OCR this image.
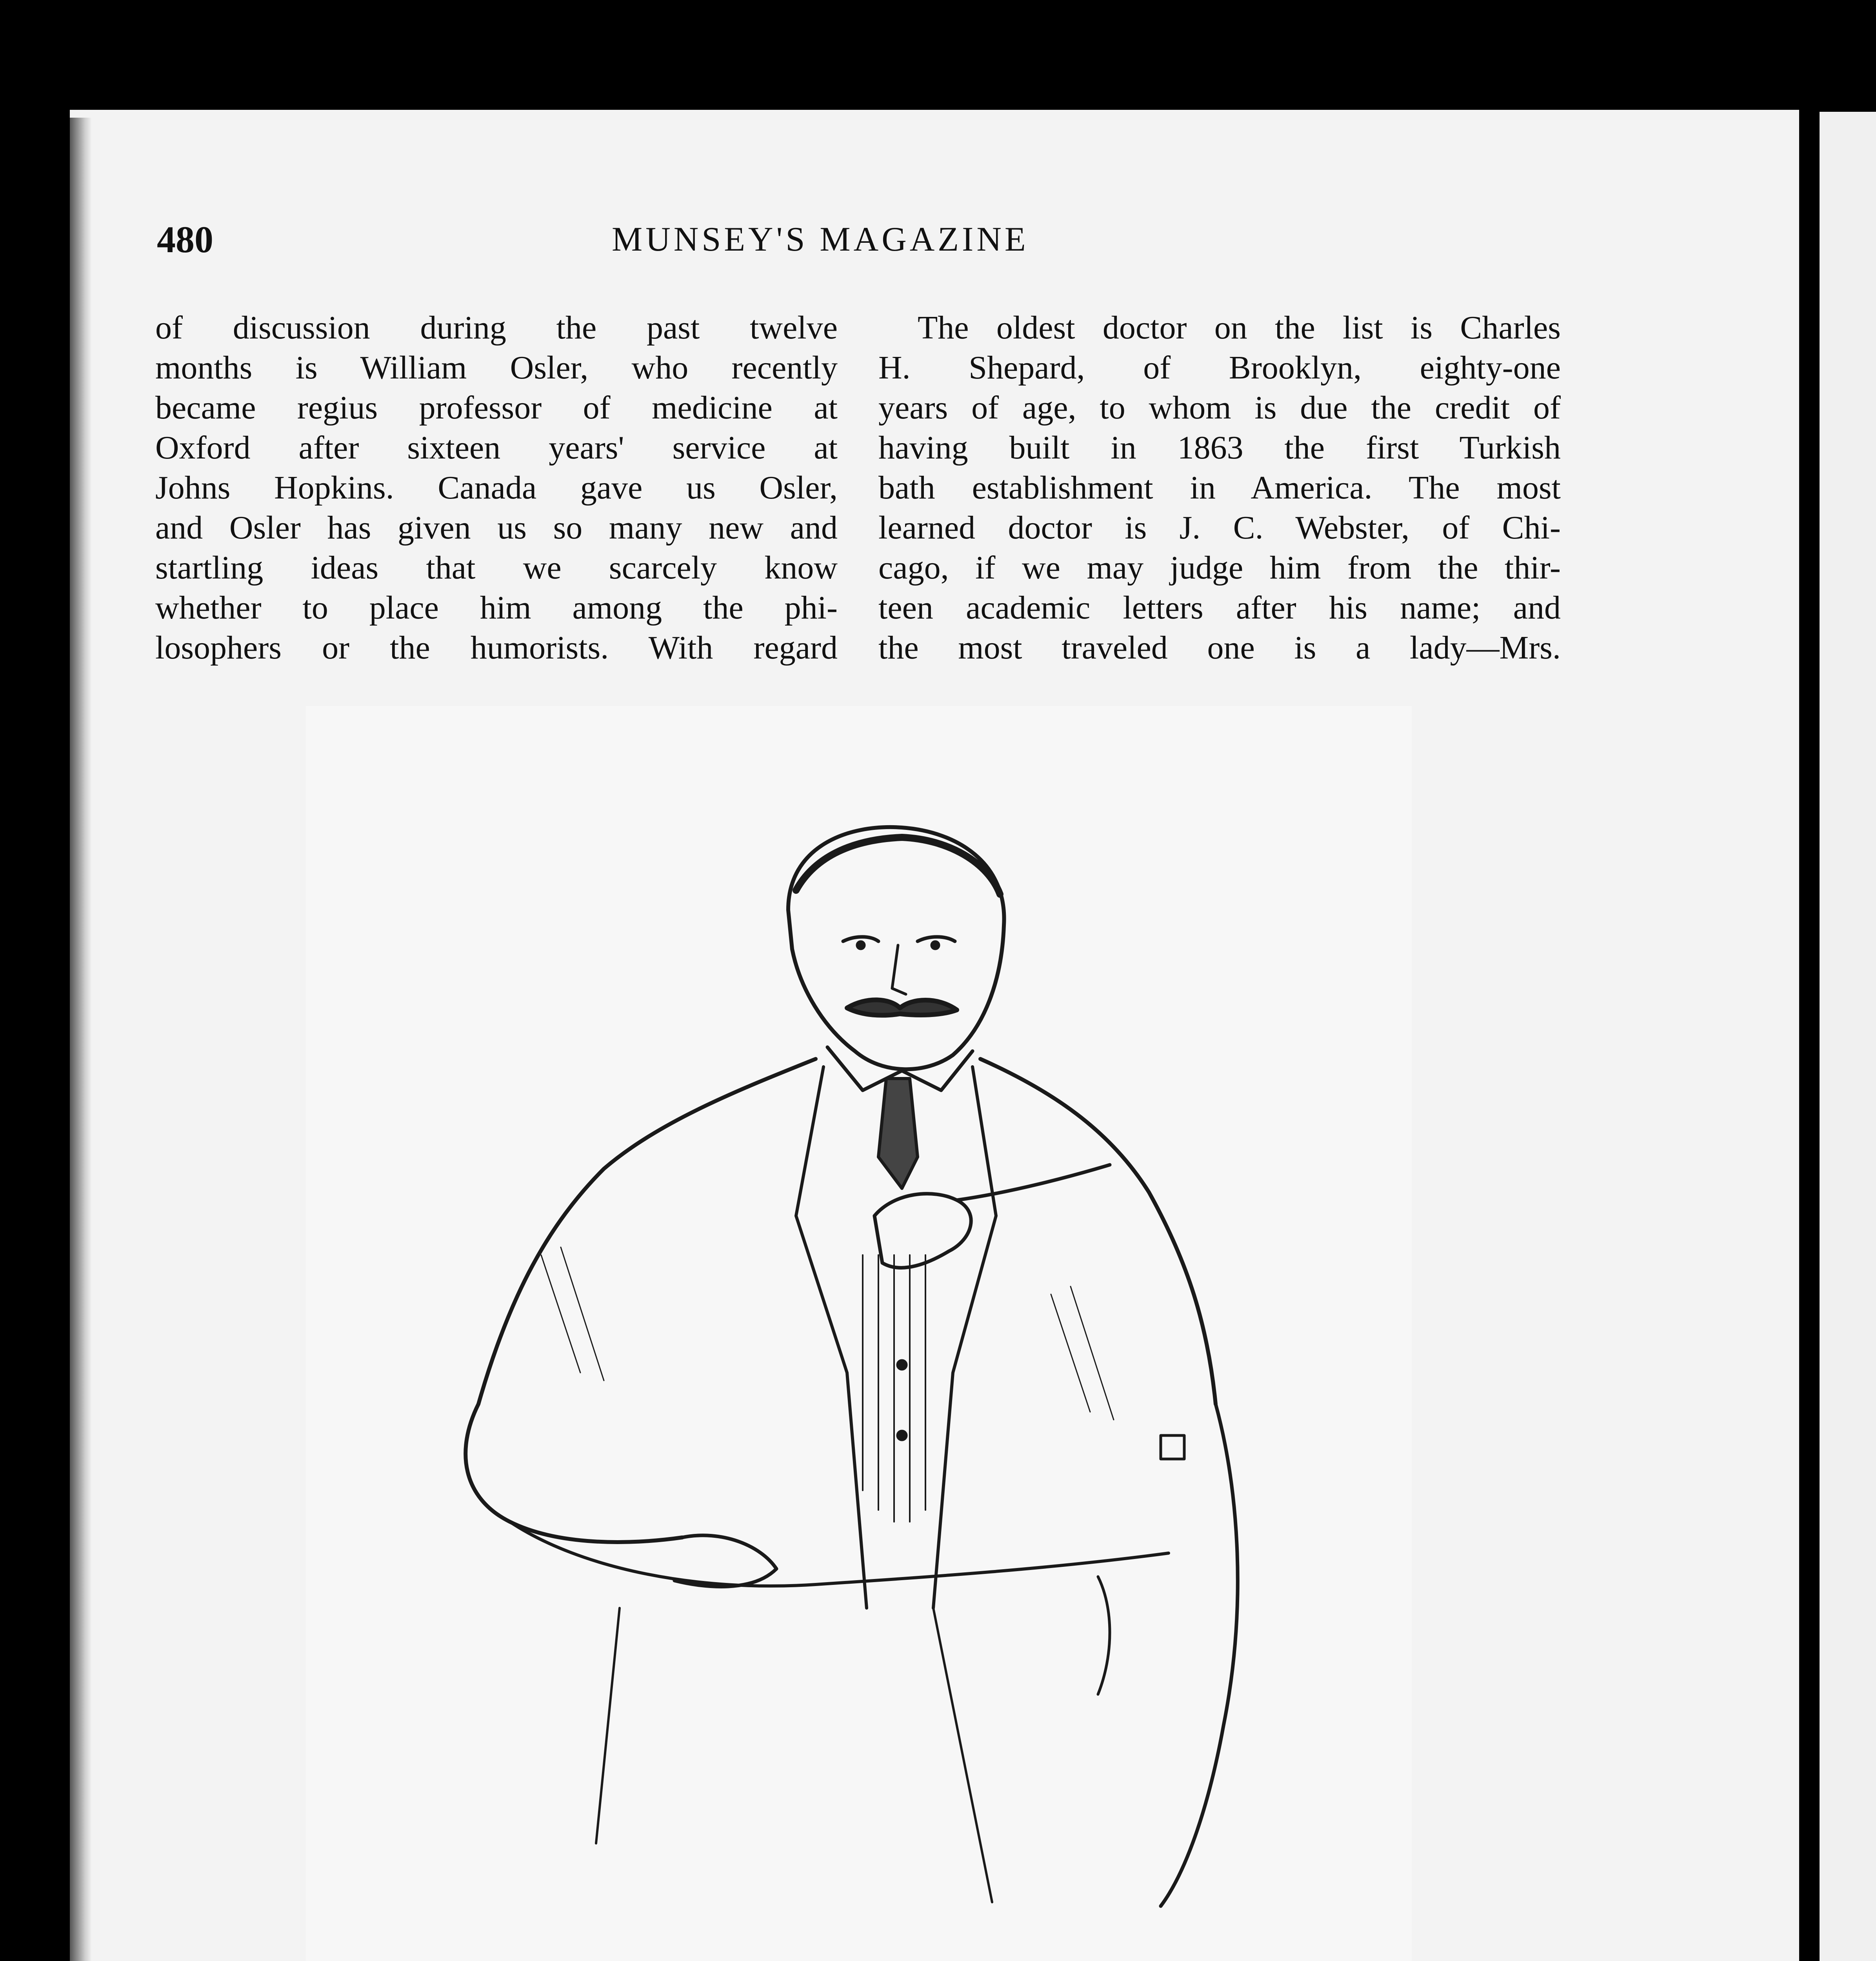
480	MUNSEY'S MAGAZINE
of discussion during the past twelve
months is William Osler, who recently
became regius professor of medicine at
Oxford after sixteen years' service at
Johns Hopkins. Canada gave us Osler,
and Osler has given us so many new and
startling ideas that we scarcely know
whether to place him among the phi-
losophers or the humorists. With regard
The oldest doctor on the list is Charles
H. Shepard, of Brooklyn, eighty-one
years of age, to whom is due the credit of
having built in 1863 the first Turkish
bath establishment in America. The most
learned doctor is J. C. Webster, of Chi-
cago, if we may judge him from the thir-
teen academic letters after his name; and
the most traveled one is a lady—Mrs.
